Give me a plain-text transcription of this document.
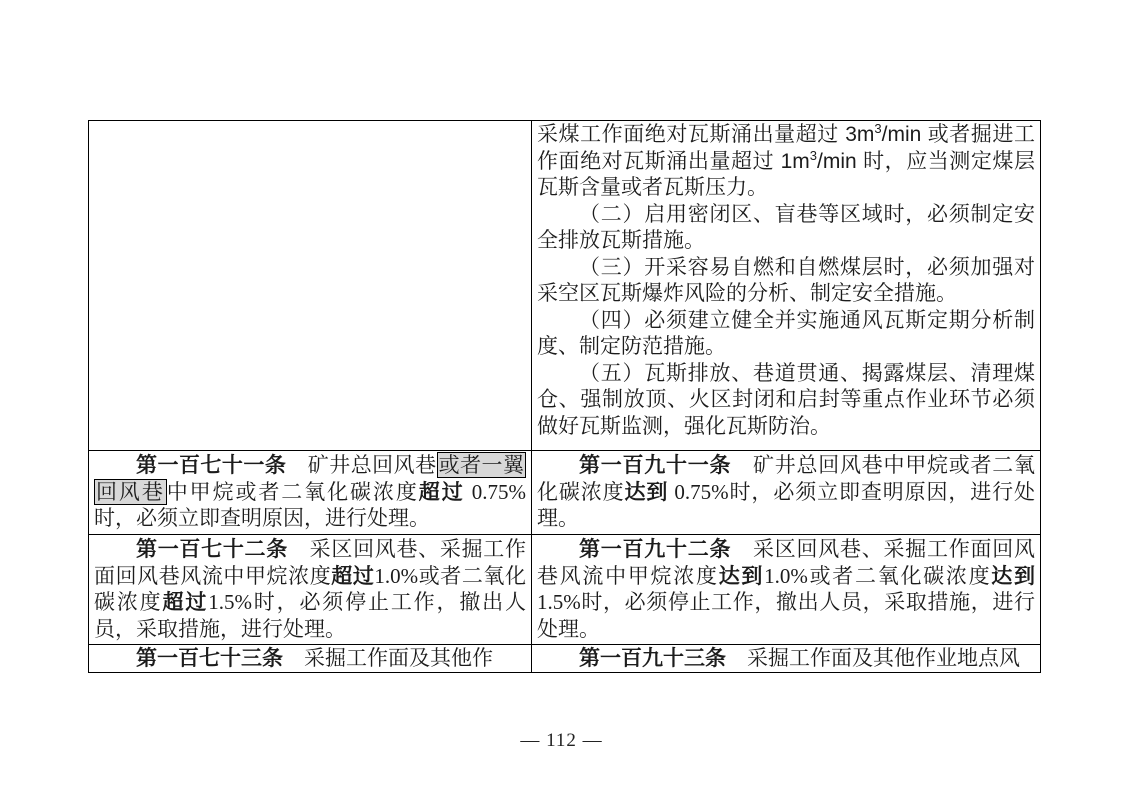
	采煤工作面绝对瓦斯涌出量超过 $3m^3/\min$ 或者掘进工作面绝对瓦斯涌出量超过 $1m^3/\min$ 时，应当测定煤层瓦斯含量或者瓦斯压力。

（二）启用密闭区、盲巷等区域时，必须制定安全排放瓦斯措施。

（三）开采容易自燃和自燃煤层时，必须加强对采空区瓦斯爆炸风险的分析、制定安全措施。

（四）必须建立健全并实施通风瓦斯定期分析制度、制定防范措施。

（五）瓦斯排放、巷道贯通、揭露煤层、清理煤仓、强制放顶、火区封闭和启封等重点作业环节必须做好瓦斯监测，强化瓦斯防治。

第一百七十一条　矿井总回风巷或者一翼回风巷中甲烷或者二氧化碳浓度超过 0.75%时，必须立即查明原因，进行处理。	第一百九十一条　矿井总回风巷中甲烷或者二氧化碳浓度达到 0.75%时，必须立即查明原因，进行处理。

第一百七十二条　采区回风巷、采掘工作面回风巷风流中甲烷浓度超过1.0%或者二氧化碳浓度超过1.5%时，必须停止工作，撤出人员，采取措施，进行处理。	第一百九十二条　采区回风巷、采掘工作面回风巷风流中甲烷浓度达到1.0%或者二氧化碳浓度达到1.5%时，必须停止工作，撤出人员，采取措施，进行处理。

第一百七十三条　采掘工作面及其他作	第一百九十三条　采掘工作面及其他作业地点风

— 112 —
